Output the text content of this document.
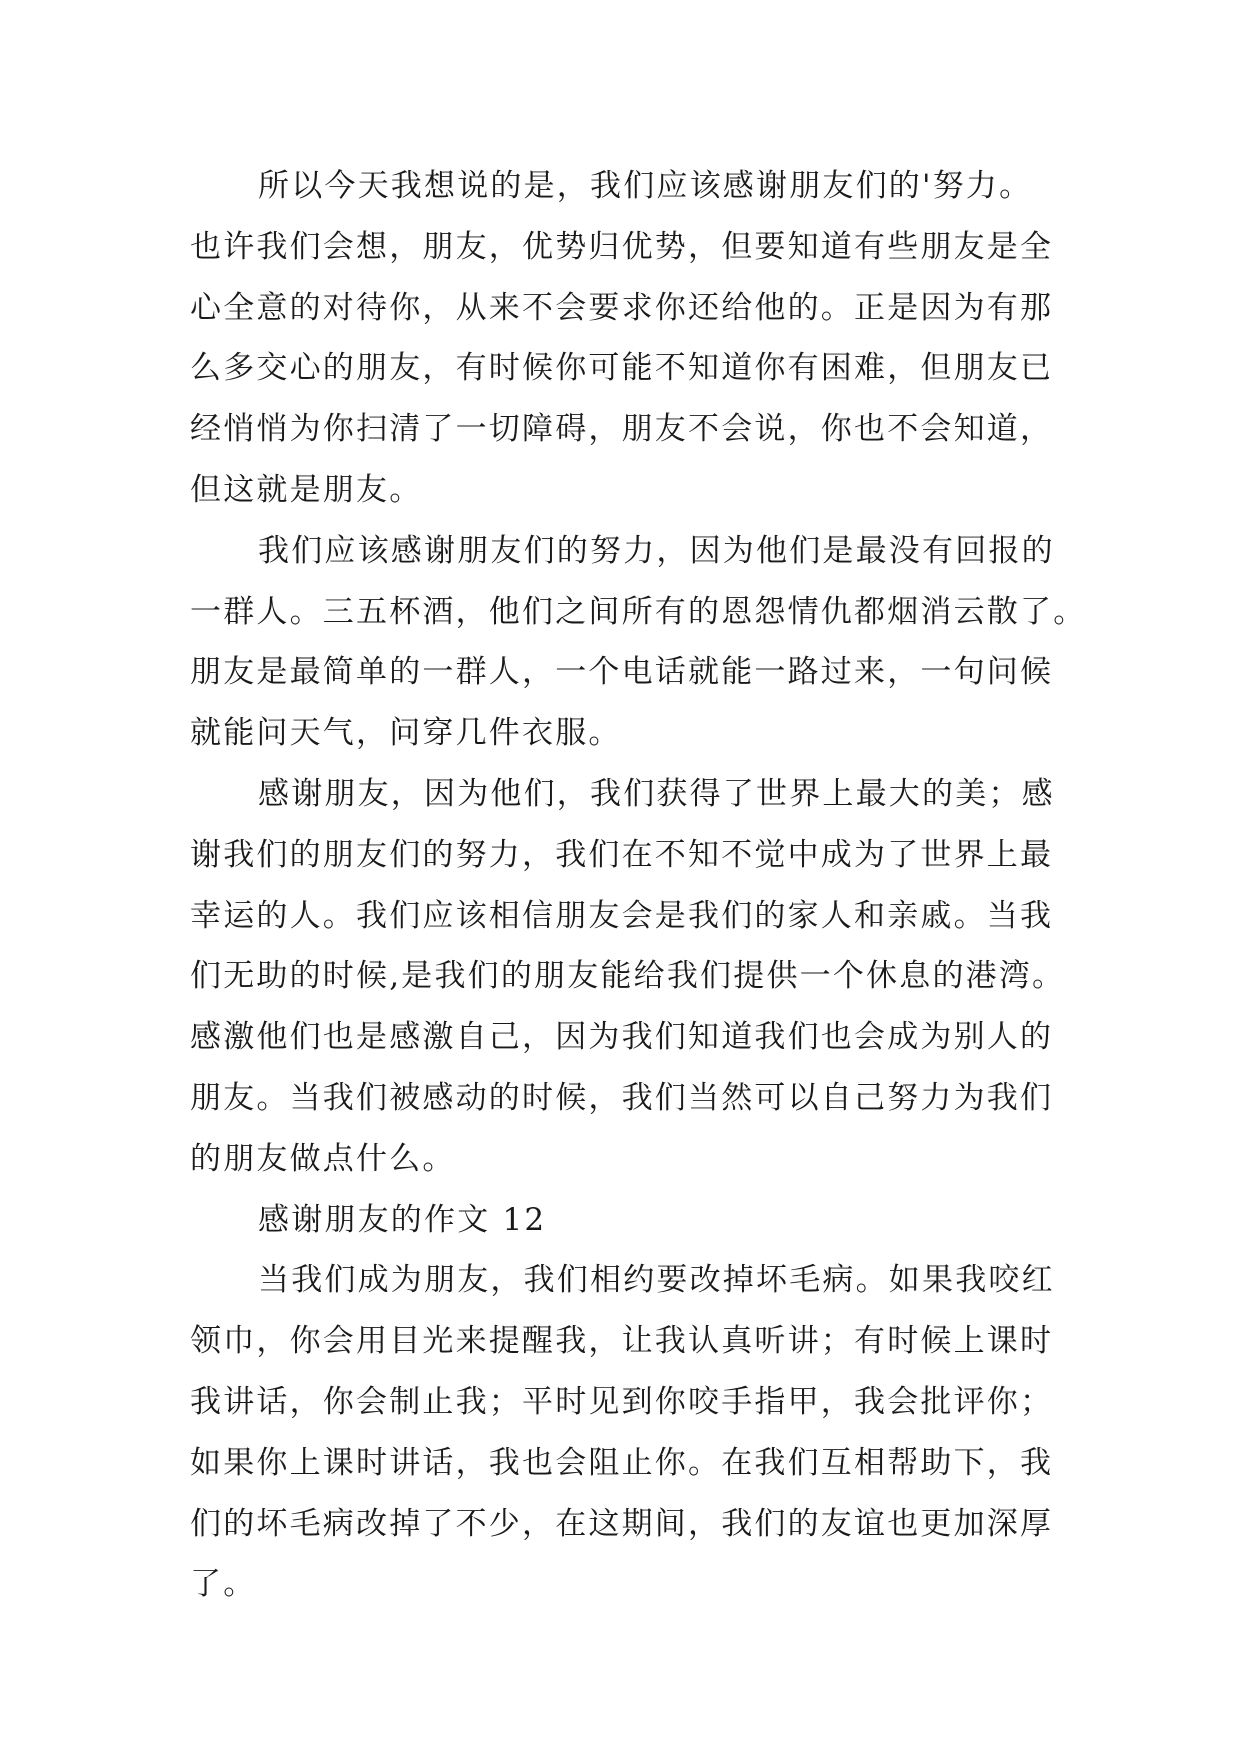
所以今天我想说的是，我们应该感谢朋友们的'努力。
也许我们会想，朋友，优势归优势，但要知道有些朋友是全
心全意的对待你，从来不会要求你还给他的。正是因为有那
么多交心的朋友，有时候你可能不知道你有困难，但朋友已
经悄悄为你扫清了一切障碍，朋友不会说，你也不会知道，
但这就是朋友。
我们应该感谢朋友们的努力，因为他们是最没有回报的
一群人。三五杯酒，他们之间所有的恩怨情仇都烟消云散了。
朋友是最简单的一群人，一个电话就能一路过来，一句问候
就能问天气，问穿几件衣服。
感谢朋友，因为他们，我们获得了世界上最大的美；感
谢我们的朋友们的努力，我们在不知不觉中成为了世界上最
幸运的人。我们应该相信朋友会是我们的家人和亲戚。当我
们无助的时候,是我们的朋友能给我们提供一个休息的港湾。
感激他们也是感激自己，因为我们知道我们也会成为别人的
朋友。当我们被感动的时候，我们当然可以自己努力为我们
的朋友做点什么。
感谢朋友的作文 12
当我们成为朋友，我们相约要改掉坏毛病。如果我咬红
领巾，你会用目光来提醒我，让我认真听讲；有时候上课时
我讲话，你会制止我；平时见到你咬手指甲，我会批评你；
如果你上课时讲话，我也会阻止你。在我们互相帮助下，我
们的坏毛病改掉了不少，在这期间，我们的友谊也更加深厚
了。
